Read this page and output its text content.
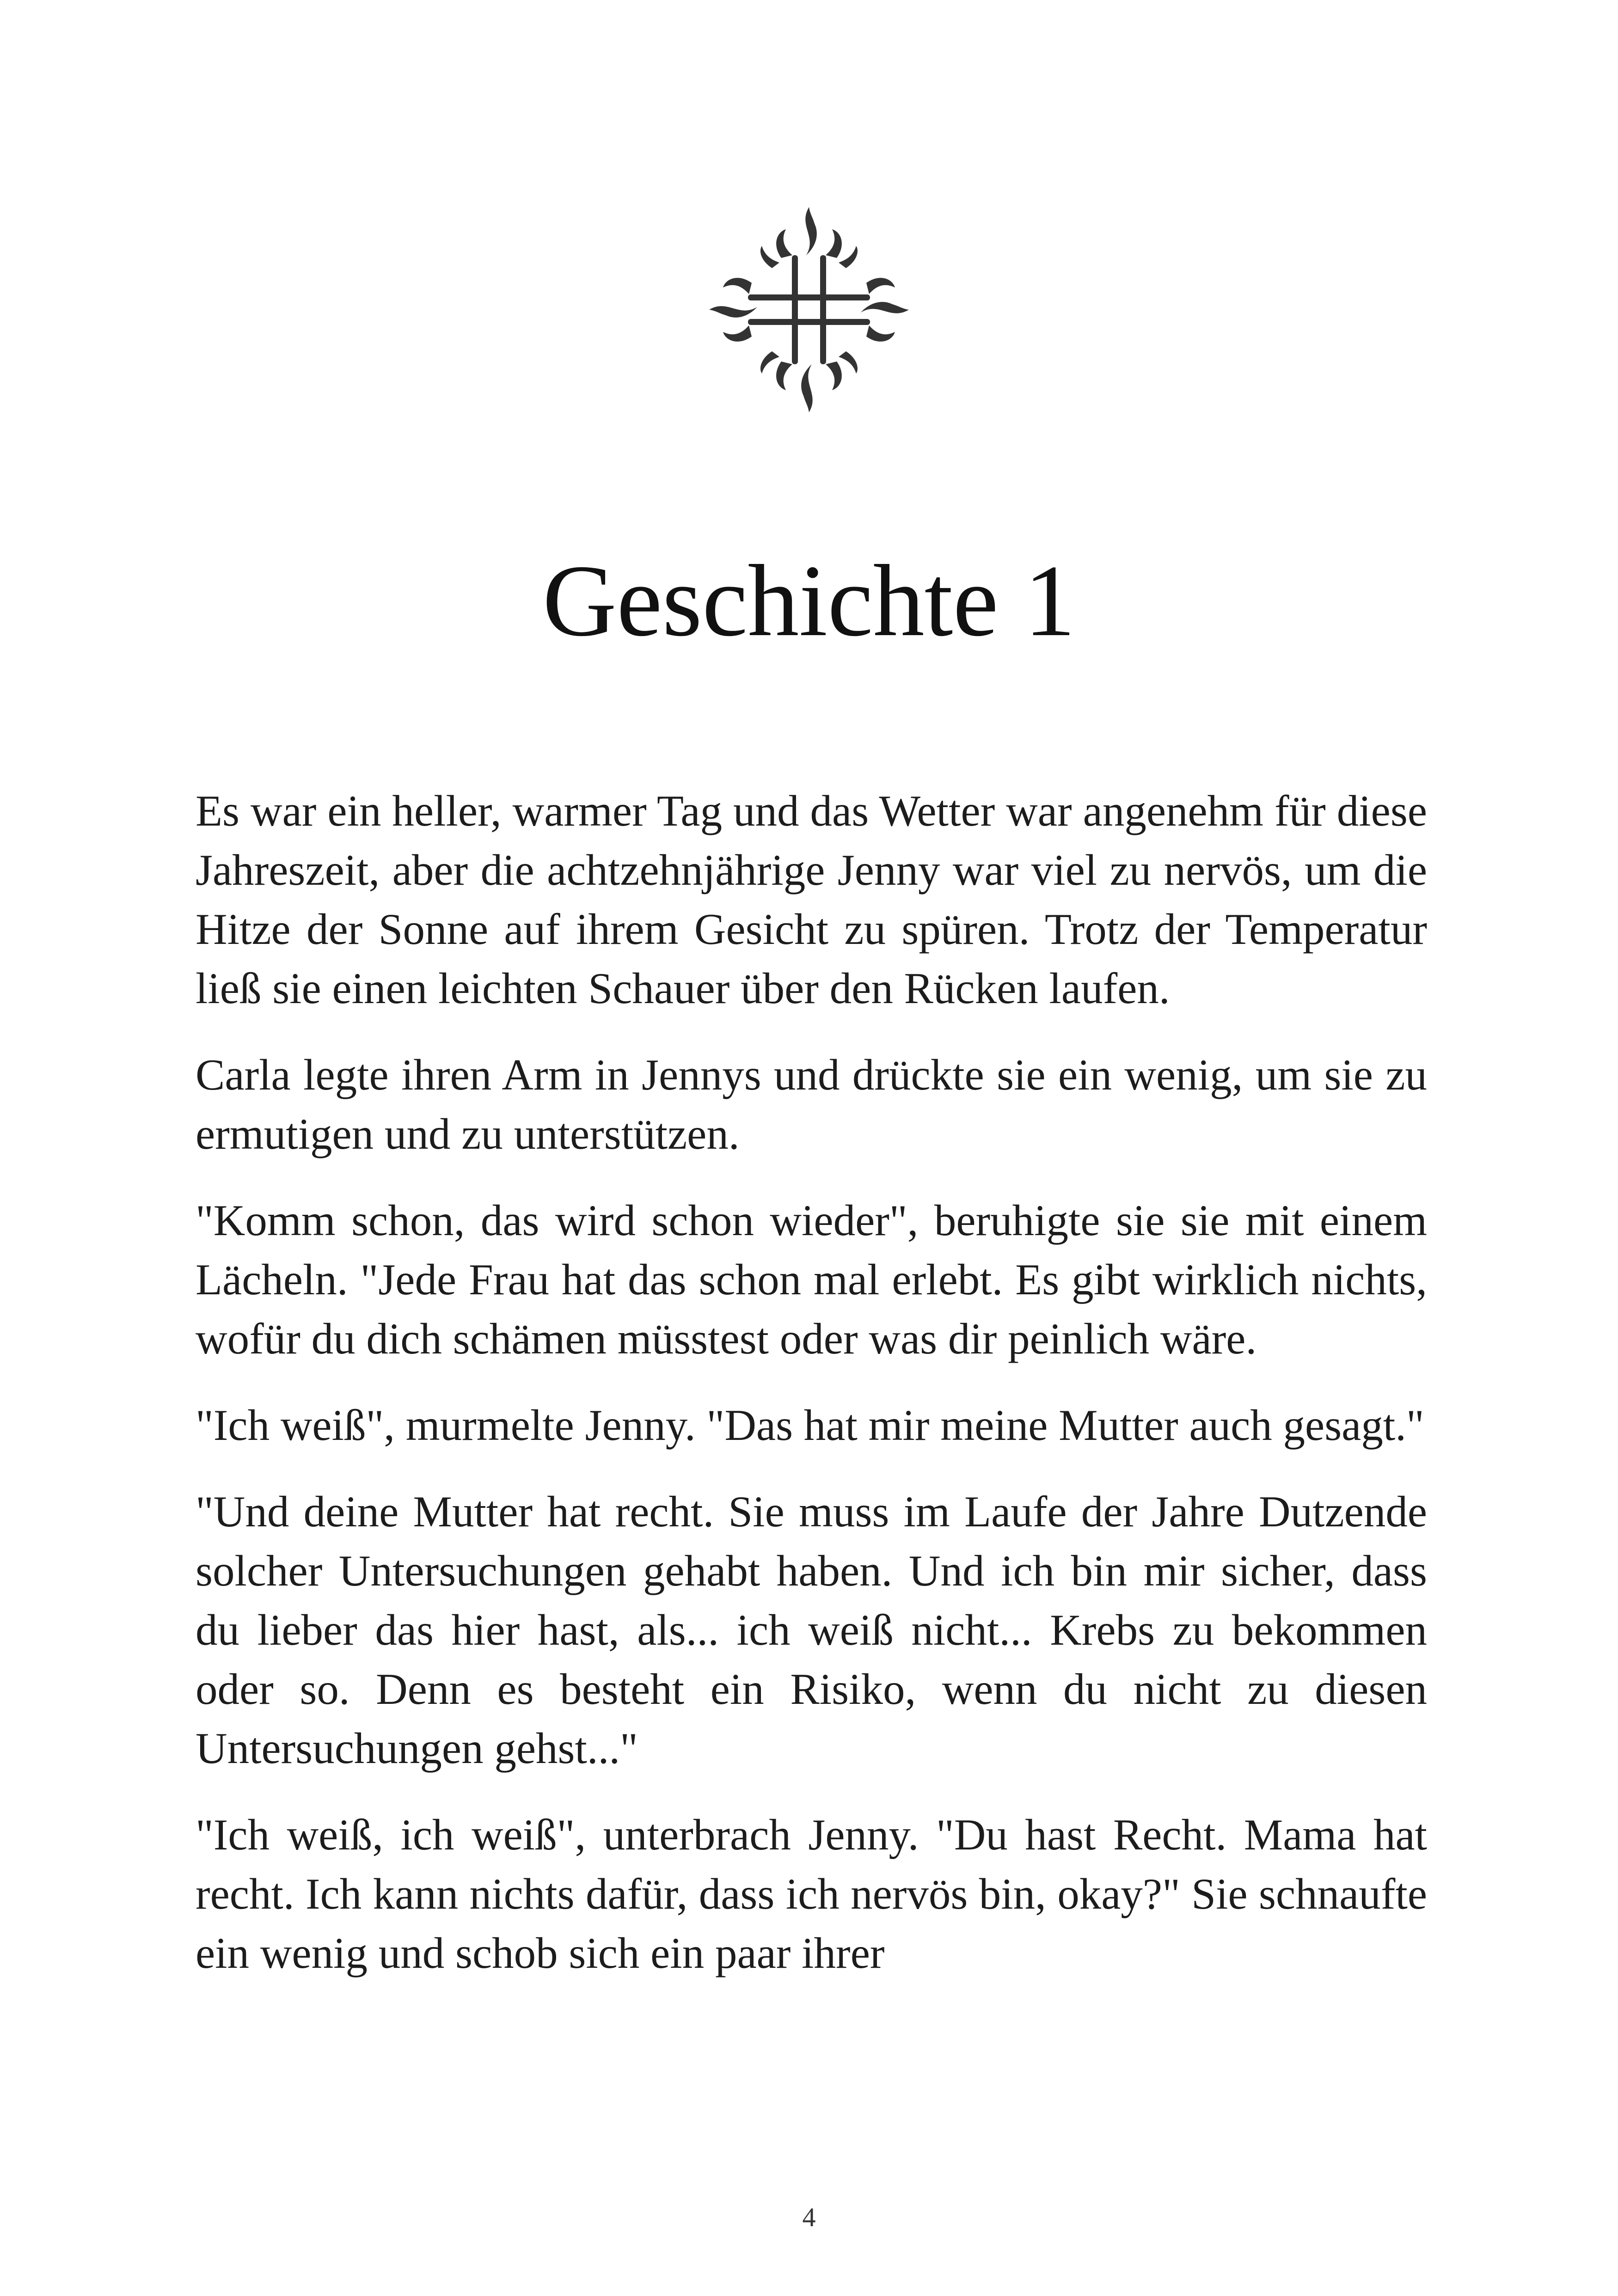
Geschichte 1

Es war ein heller, warmer Tag und das Wetter war angenehm für diese Jahreszeit, aber die achtzehnjährige Jenny war viel zu nervös, um die Hitze der Sonne auf ihrem Gesicht zu spüren. Trotz der Temperatur ließ sie einen leichten Schauer über den Rücken laufen.

Carla legte ihren Arm in Jennys und drückte sie ein wenig, um sie zu ermutigen und zu unterstützen.

"Komm schon, das wird schon wieder", beruhigte sie sie mit einem Lächeln. "Jede Frau hat das schon mal erlebt. Es gibt wirklich nichts, wofür du dich schämen müsstest oder was dir peinlich wäre.

"Ich weiß", murmelte Jenny. "Das hat mir meine Mutter auch gesagt."

"Und deine Mutter hat recht. Sie muss im Laufe der Jahre Dutzende solcher Untersuchungen gehabt haben. Und ich bin mir sicher, dass du lieber das hier hast, als... ich weiß nicht... Krebs zu bekommen oder so. Denn es besteht ein Risiko, wenn du nicht zu diesen Untersuchungen gehst..."

"Ich weiß, ich weiß", unterbrach Jenny. "Du hast Recht. Mama hat recht. Ich kann nichts dafür, dass ich nervös bin, okay?" Sie schnaufte ein wenig und schob sich ein paar ihrer

4
